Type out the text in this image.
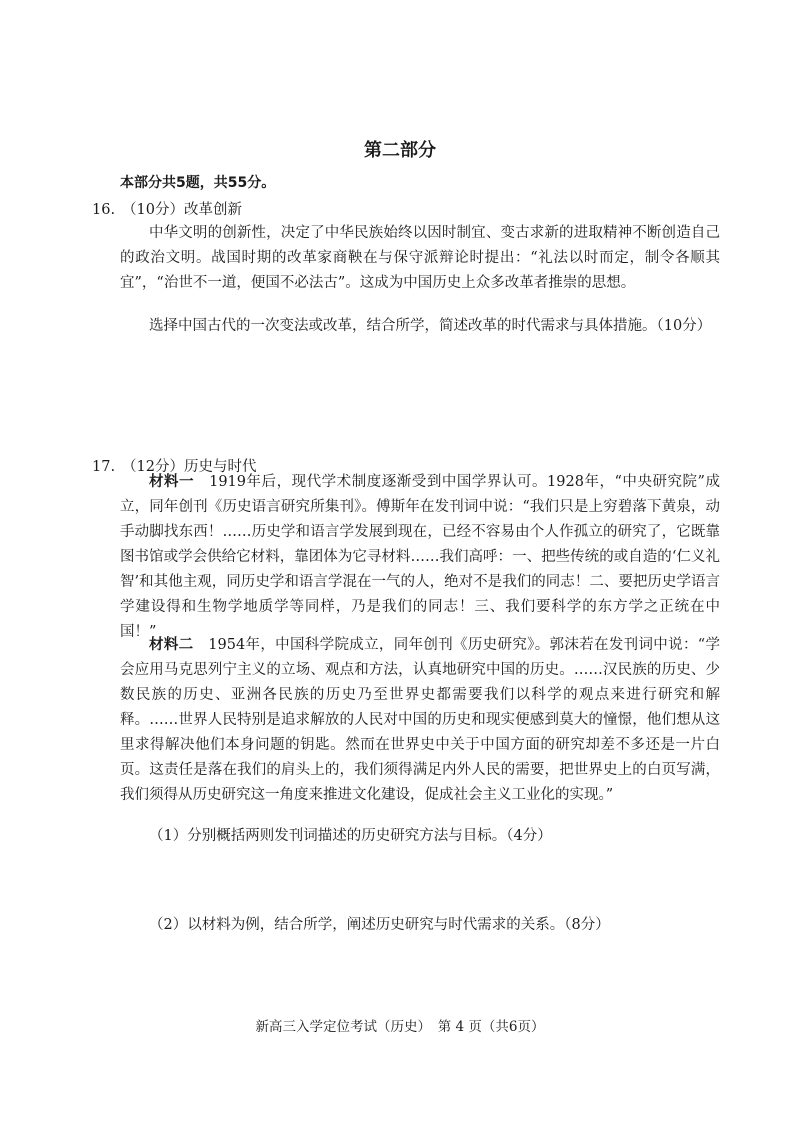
第二部分
本部分共5题，共55分。
16. （10分）改革创新
中华文明的创新性，决定了中华民族始终以因时制宜、变古求新的进取精神不断创造自己的政治文明。战国时期的改革家商鞅在与保守派辩论时提出：“礼法以时而定，制令各顺其宜”，“治世不一道，便国不必法古”。这成为中国历史上众多改革者推崇的思想。
选择中国古代的一次变法或改革，结合所学，简述改革的时代需求与具体措施。（10分）
17. （12分）历史与时代
材料一　1919年后，现代学术制度逐渐受到中国学界认可。1928年，“中央研究院”成立，同年创刊《历史语言研究所集刊》。傅斯年在发刊词中说：“我们只是上穷碧落下黄泉，动手动脚找东西！……历史学和语言学发展到现在，已经不容易由个人作孤立的研究了，它既靠图书馆或学会供给它材料，靠团体为它寻材料……我们高呼：一、把些传统的或自造的‘仁义礼智’和其他主观，同历史学和语言学混在一气的人，绝对不是我们的同志！二、要把历史学语言学建设得和生物学地质学等同样，乃是我们的同志！三、我们要科学的东方学之正统在中国！”
材料二　1954年，中国科学院成立，同年创刊《历史研究》。郭沫若在发刊词中说：“学会应用马克思列宁主义的立场、观点和方法，认真地研究中国的历史。……汉民族的历史、少数民族的历史、亚洲各民族的历史乃至世界史都需要我们以科学的观点来进行研究和解释。……世界人民特别是追求解放的人民对中国的历史和现实便感到莫大的憧憬，他们想从这里求得解决他们本身问题的钥匙。然而在世界史中关于中国方面的研究却差不多还是一片白页。这责任是落在我们的肩头上的，我们须得满足内外人民的需要，把世界史上的白页写满，我们须得从历史研究这一角度来推进文化建设，促成社会主义工业化的实现。”
（1）分别概括两则发刊词描述的历史研究方法与目标。（4分）
（2）以材料为例，结合所学，阐述历史研究与时代需求的关系。（8分）
新高三入学定位考试（历史）　第 4 页（共6页）
